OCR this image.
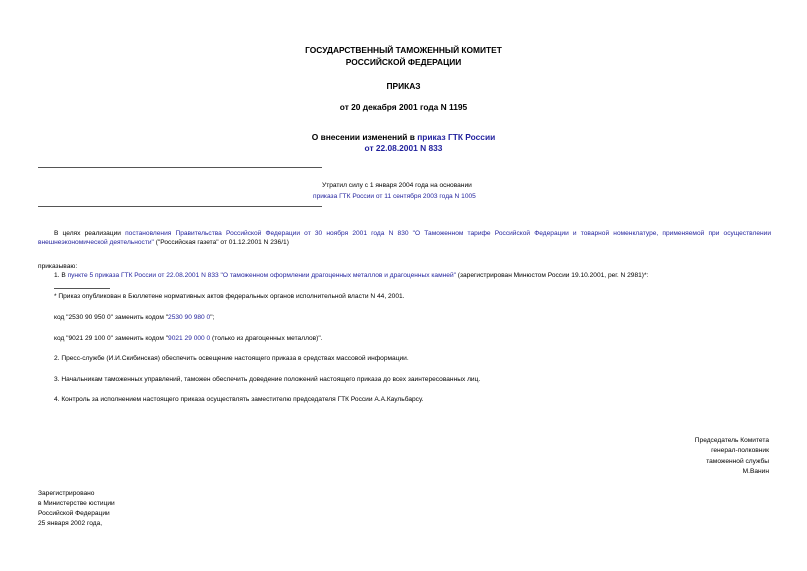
ГОСУДАРСТВЕННЫЙ ТАМОЖЕННЫЙ КОМИТЕТ
РОССИЙСКОЙ ФЕДЕРАЦИИ
ПРИКАЗ
от 20 декабря 2001 года N 1195
О внесении изменений в приказ ГТК России
от 22.08.2001 N 833
Утратил силу с 1 января 2004 года на основании
приказа ГТК России от 11 сентября 2003 года N 1005
В целях реализации постановления Правительства Российской Федерации от 30 ноября 2001 года N 830 "О Таможенном тарифе Российской Федерации и товарной номенклатуре, применяемой при осуществлении внешнеэкономической деятельности" ("Российская газета" от 01.12.2001 N 236/1)
приказываю:
1. В пункте 5 приказа ГТК России от 22.08.2001 N 833 "О таможенном оформлении драгоценных металлов и драгоценных камней" (зарегистрирован Минюстом России 19.10.2001, рег. N 2981)*:
* Приказ опубликован в Бюллетене нормативных актов федеральных органов исполнительной власти N 44, 2001.
код "2530 90 950 0" заменить кодом "2530 90 980 0";
код "9021 29 100 0" заменить кодом "9021 29 000 0 (только из драгоценных металлов)".
2. Пресс-службе (И.И.Скибинская) обеспечить освещение настоящего приказа в средствах массовой информации.
3. Начальникам таможенных управлений, таможен обеспечить доведение положений настоящего приказа до всех заинтересованных лиц.
4. Контроль за исполнением настоящего приказа осуществлять заместителю председателя ГТК России А.А.Каульбарсу.
Председатель Комитета
генерал-полковник
таможенной службы
М.Ванин
Зарегистрировано
в Министерстве юстиции
Российской Федерации
25 января 2002 года,
